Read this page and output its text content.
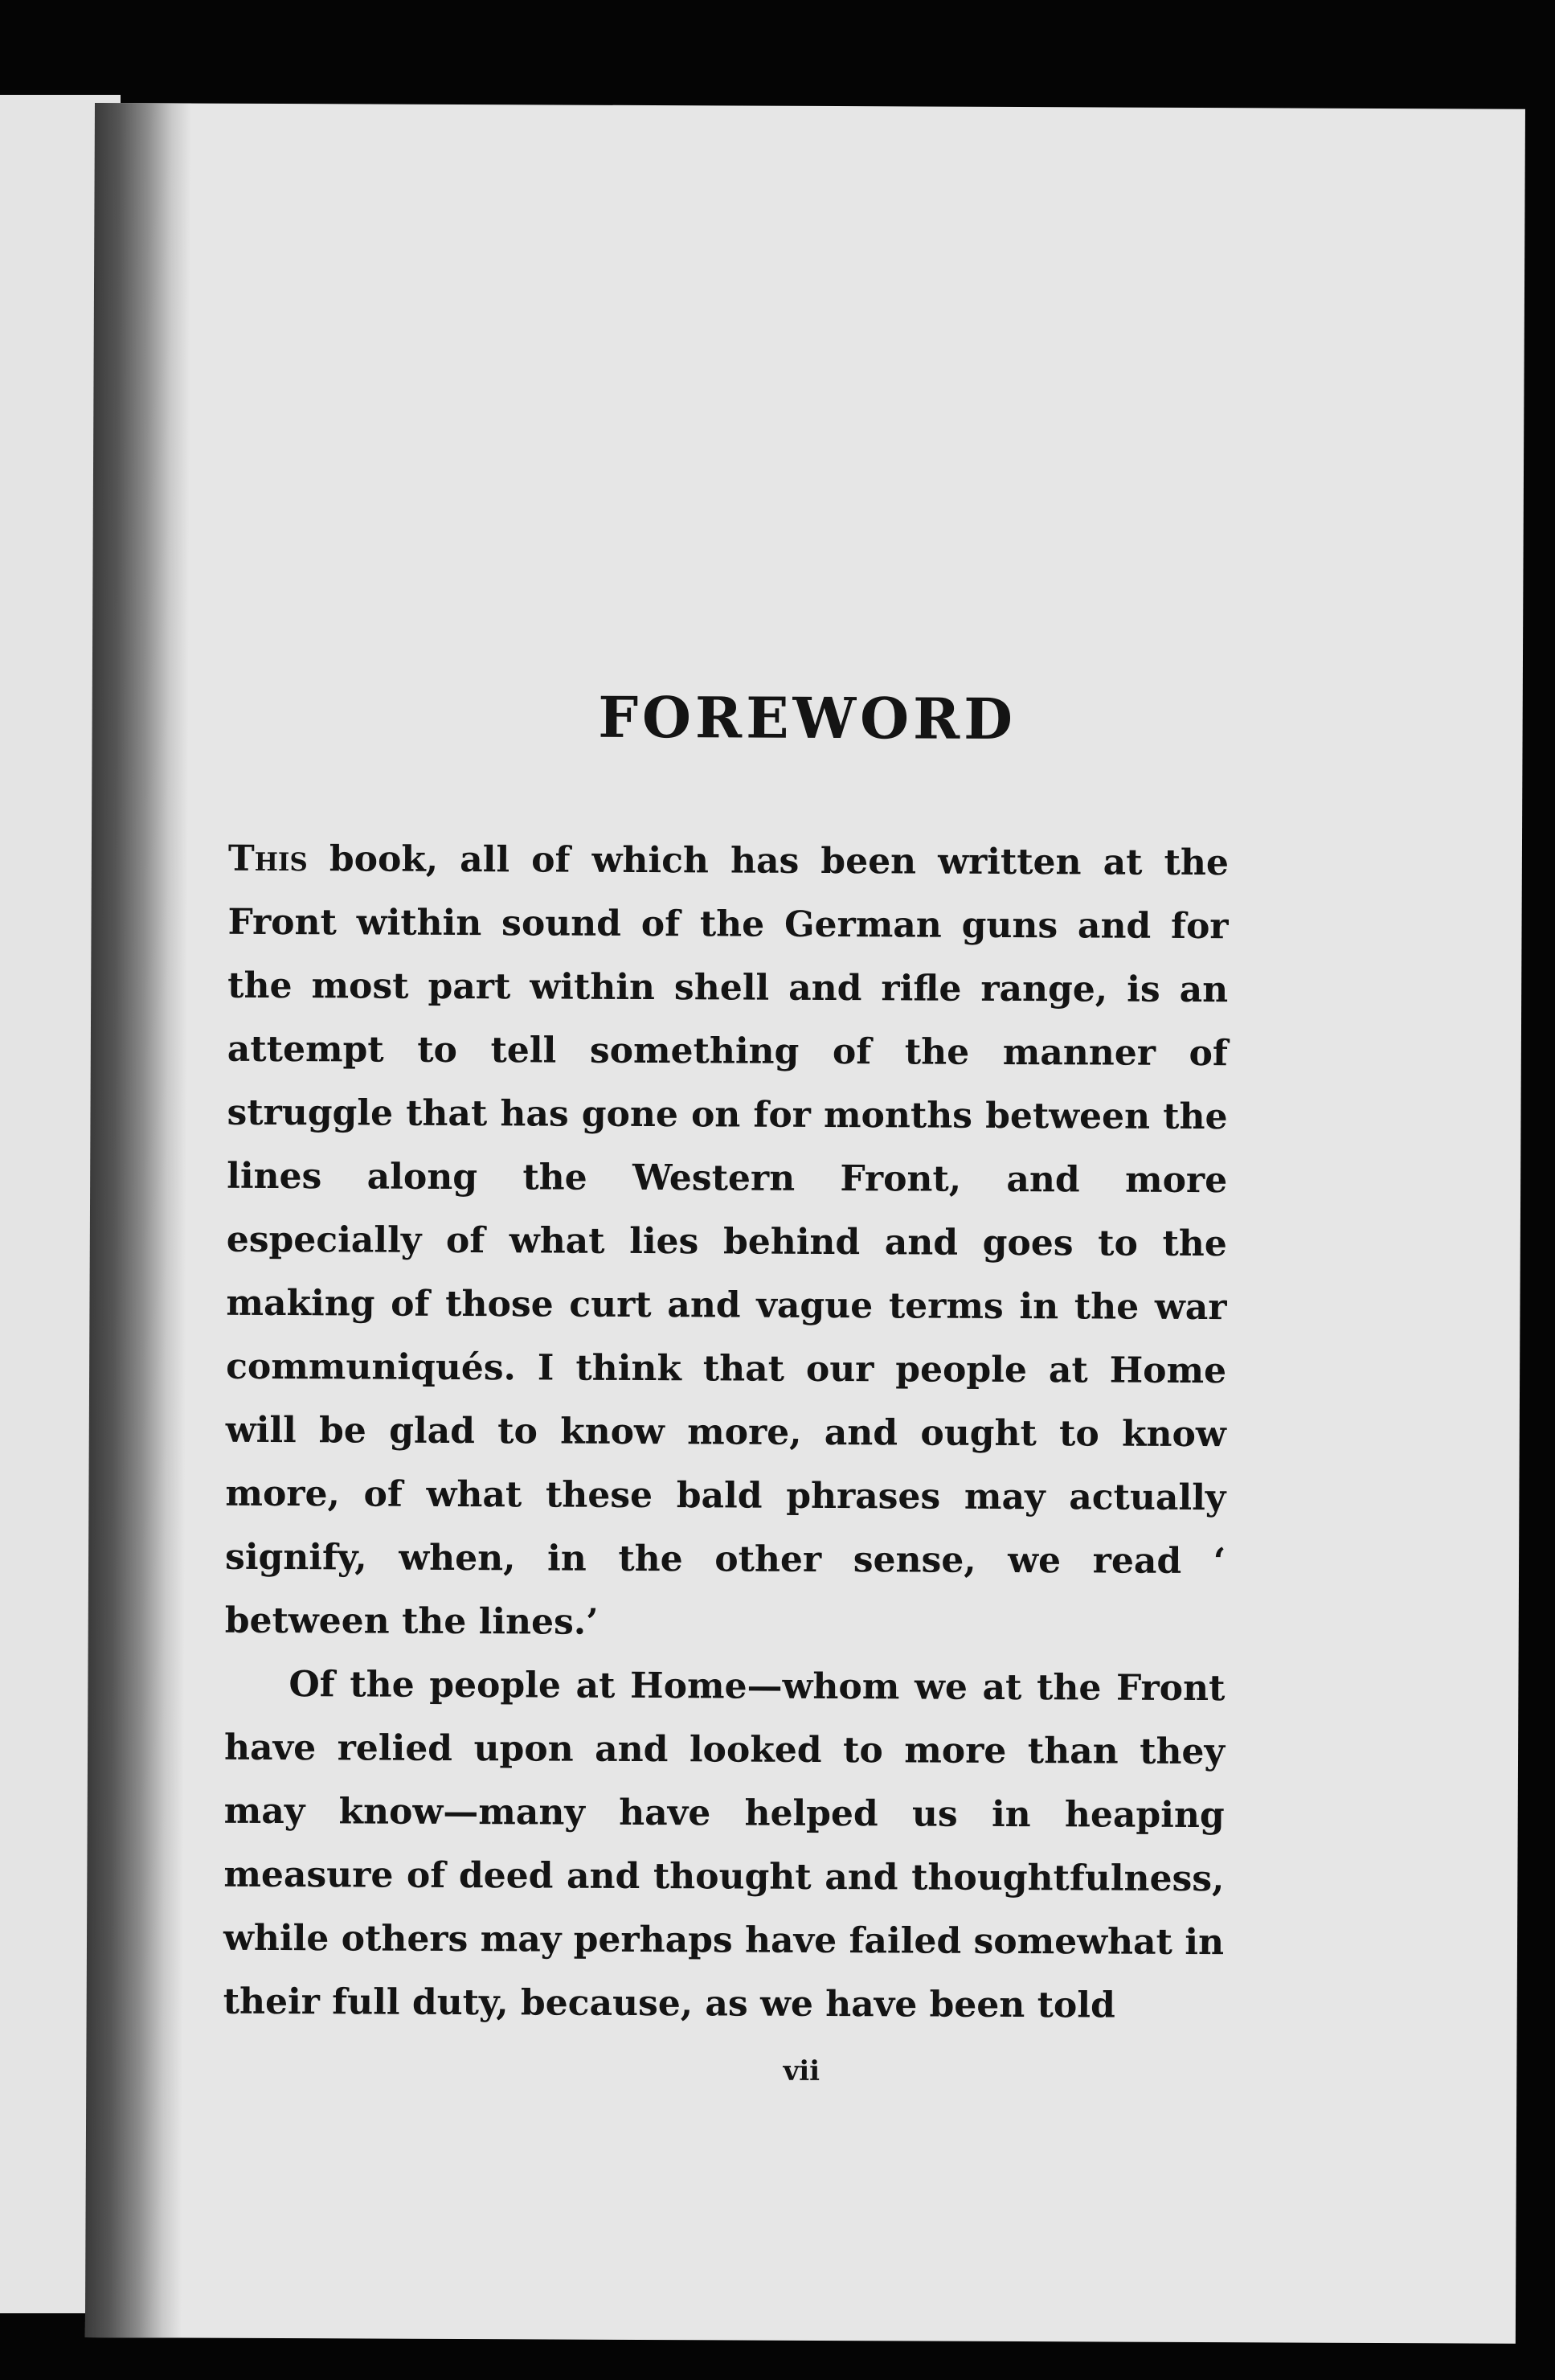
FOREWORD

This book, all of which has been written at the Front within sound of the German guns and for the most part within shell and rifle range, is an attempt to tell something of the manner of struggle that has gone on for months between the lines along the Western Front, and more especially of what lies behind and goes to the making of those curt and vague terms in the war communiqués. I think that our people at Home will be glad to know more, and ought to know more, of what these bald phrases may actually signify, when, in the other sense, we read ‘ between the lines.’

Of the people at Home—whom we at the Front have relied upon and looked to more than they may know—many have helped us in heaping measure of deed and thought and thoughtfulness, while others may perhaps have failed somewhat in their full duty, because, as we have been told

vii
